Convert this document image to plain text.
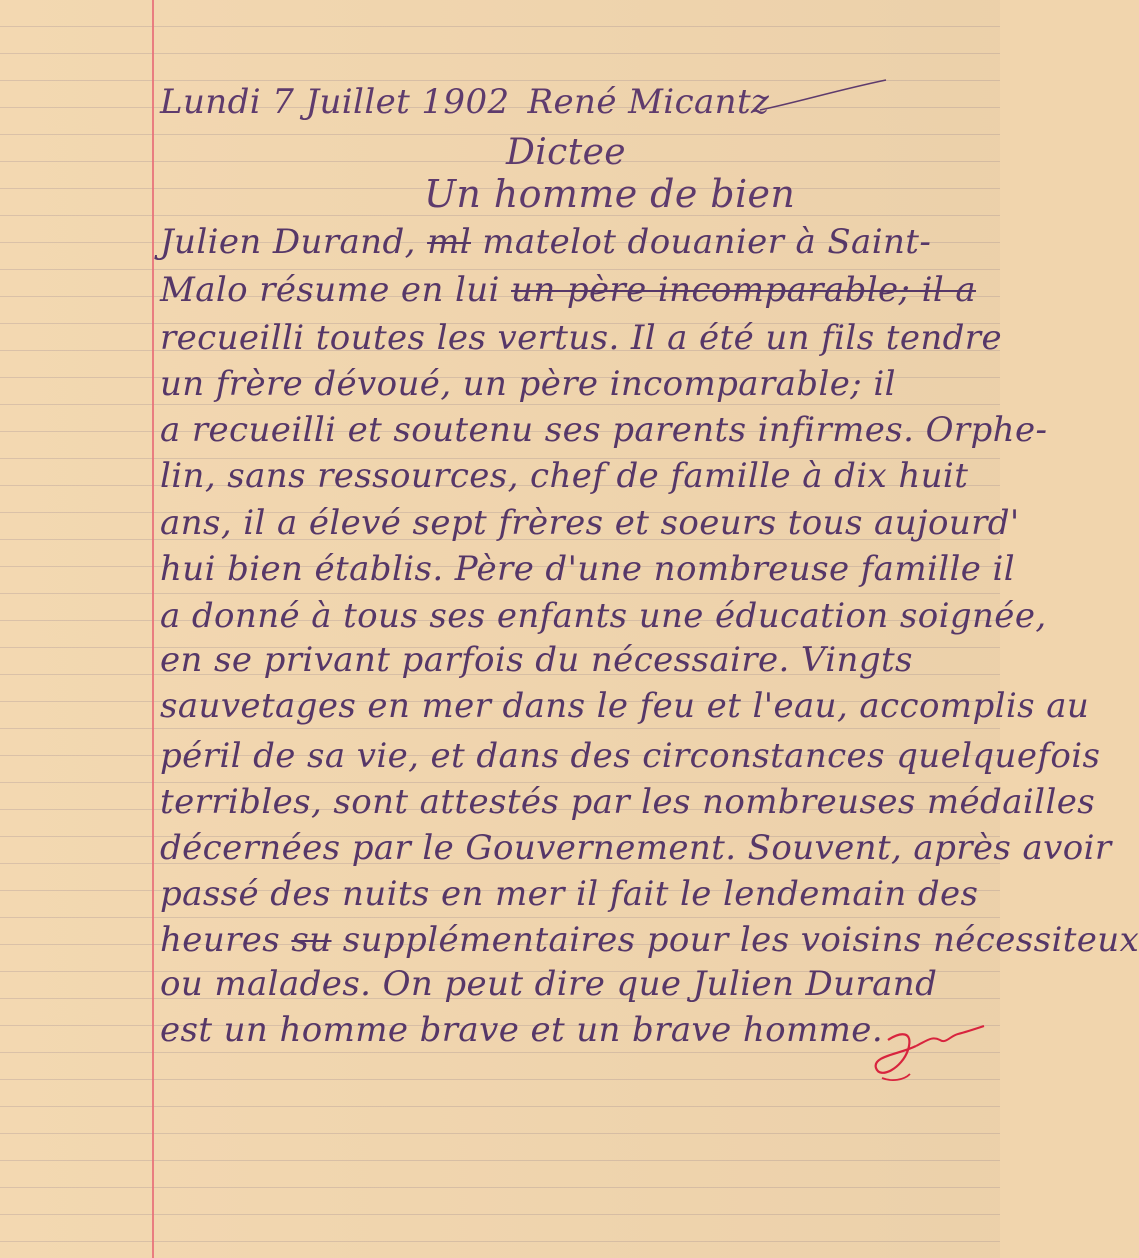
Lundi 7 Juillet 1902 René Micantz

Dictee

Un homme de bien

Julien Durand, ml matelot douanier à Saint-

Malo résume en lui un père incomparable; il a

recueilli toutes les vertus. Il a été un fils tendre

un frère dévoué, un père incomparable; il

a recueilli et soutenu ses parents infirmes. Orphe-

lin, sans ressources, chef de famille à dix huit

ans, il a élevé sept frères et soeurs tous aujourd'

hui bien établis. Père d'une nombreuse famille il

a donné à tous ses enfants une éducation soignée,

en se privant parfois du nécessaire. Vingts

sauvetages en mer dans le feu et l'eau, accomplis au

péril de sa vie, et dans des circonstances quelquefois

terribles, sont attestés par les nombreuses médailles

décernées par le Gouvernement. Souvent, après avoir

passé des nuits en mer il fait le lendemain des

heures su supplémentaires pour les voisins nécessiteux

ou malades. On peut dire que Julien Durand

est un homme brave et un brave homme.
